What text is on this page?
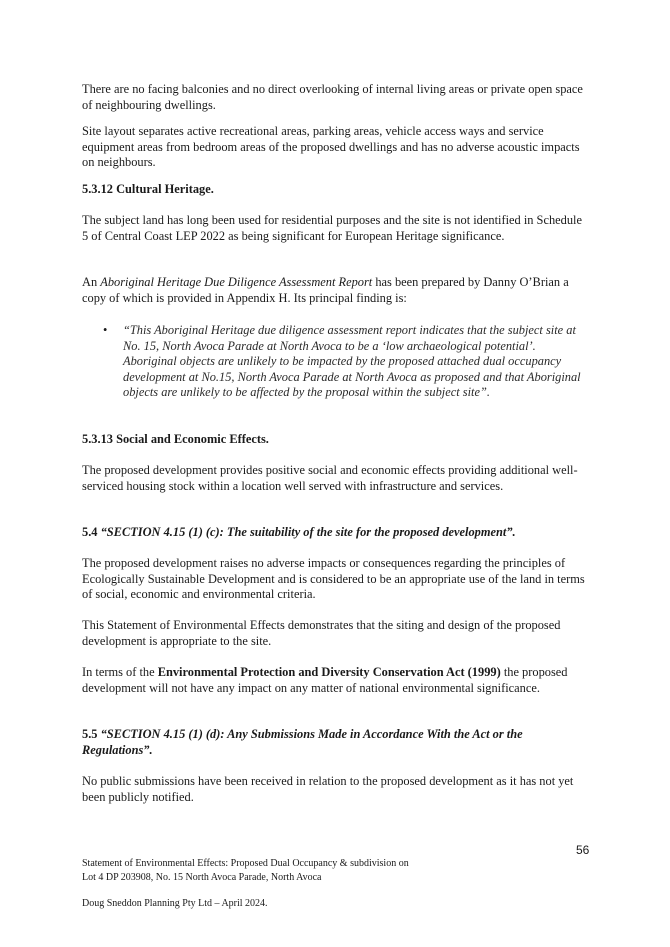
There are no facing balconies and no direct overlooking of internal living areas or private open space of neighbouring dwellings.

Site layout separates active recreational areas, parking areas, vehicle access ways and service equipment areas from bedroom areas of the proposed dwellings and has no adverse acoustic impacts on neighbours.

5.3.12 Cultural Heritage.

The subject land has long been used for residential purposes and the site is not identified in Schedule 5 of Central Coast LEP 2022 as being significant for European Heritage significance.

An Aboriginal Heritage Due Diligence Assessment Report has been prepared by Danny O’Brian a copy of which is provided in Appendix H. Its principal finding is:

• “This Aboriginal Heritage due diligence assessment report indicates that the subject site at No. 15, North Avoca Parade at North Avoca to be a ‘low archaeological potential’. Aboriginal objects are unlikely to be impacted by the proposed attached dual occupancy development at No.15, North Avoca Parade at North Avoca as proposed and that Aboriginal objects are unlikely to be affected by the proposal within the subject site”.

5.3.13 Social and Economic Effects.

The proposed development provides positive social and economic effects providing additional well-serviced housing stock within a location well served with infrastructure and services.

5.4 “SECTION 4.15 (1) (c): The suitability of the site for the proposed development”.

The proposed development raises no adverse impacts or consequences regarding the principles of Ecologically Sustainable Development and is considered to be an appropriate use of the land in terms of social, economic and environmental criteria.

This Statement of Environmental Effects demonstrates that the siting and design of the proposed development is appropriate to the site.

In terms of the Environmental Protection and Diversity Conservation Act (1999) the proposed development will not have any impact on any matter of national environmental significance.

5.5 “SECTION 4.15 (1) (d): Any Submissions Made in Accordance With the Act or the Regulations”.

No public submissions have been received in relation to the proposed development as it has not yet been publicly notified.

56

Statement of Environmental Effects: Proposed Dual Occupancy & subdivision on

Lot 4 DP 203908, No. 15 North Avoca Parade, North Avoca

Doug Sneddon Planning Pty Ltd – April 2024.
